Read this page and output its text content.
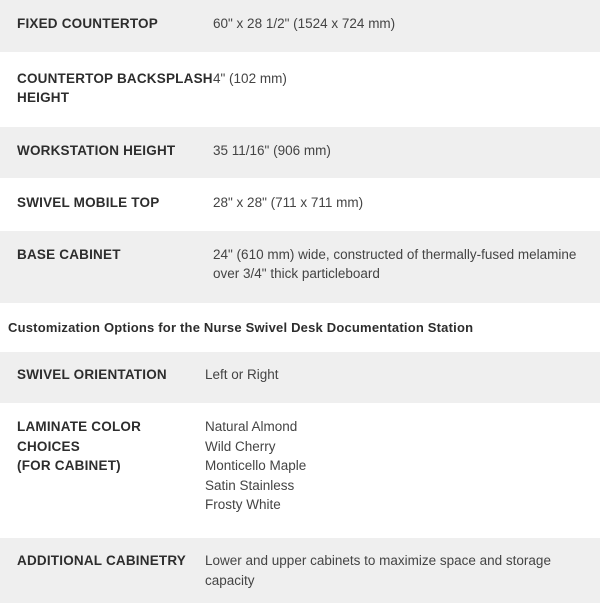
FIXED COUNTERTOP	60" x 28 1/2" (1524 x 724 mm)

COUNTERTOP BACKSPLASH
HEIGHT	4" (102 mm)

WORKSTATION HEIGHT	35 11/16" (906 mm)

SWIVEL MOBILE TOP	28" x 28" (711 x 711 mm)

BASE CABINET	24" (610 mm) wide, constructed of thermally-fused melamine
over 3/4" thick particleboard
Customization Options for the Nurse Swivel Desk Documentation Station
SWIVEL ORIENTATION	Left or Right

LAMINATE COLOR
CHOICES
(FOR CABINET)	Natural Almond
Wild Cherry
Monticello Maple
Satin Stainless
Frosty White

ADDITIONAL CABINETRY	Lower and upper cabinets to maximize space and storage
capacity
